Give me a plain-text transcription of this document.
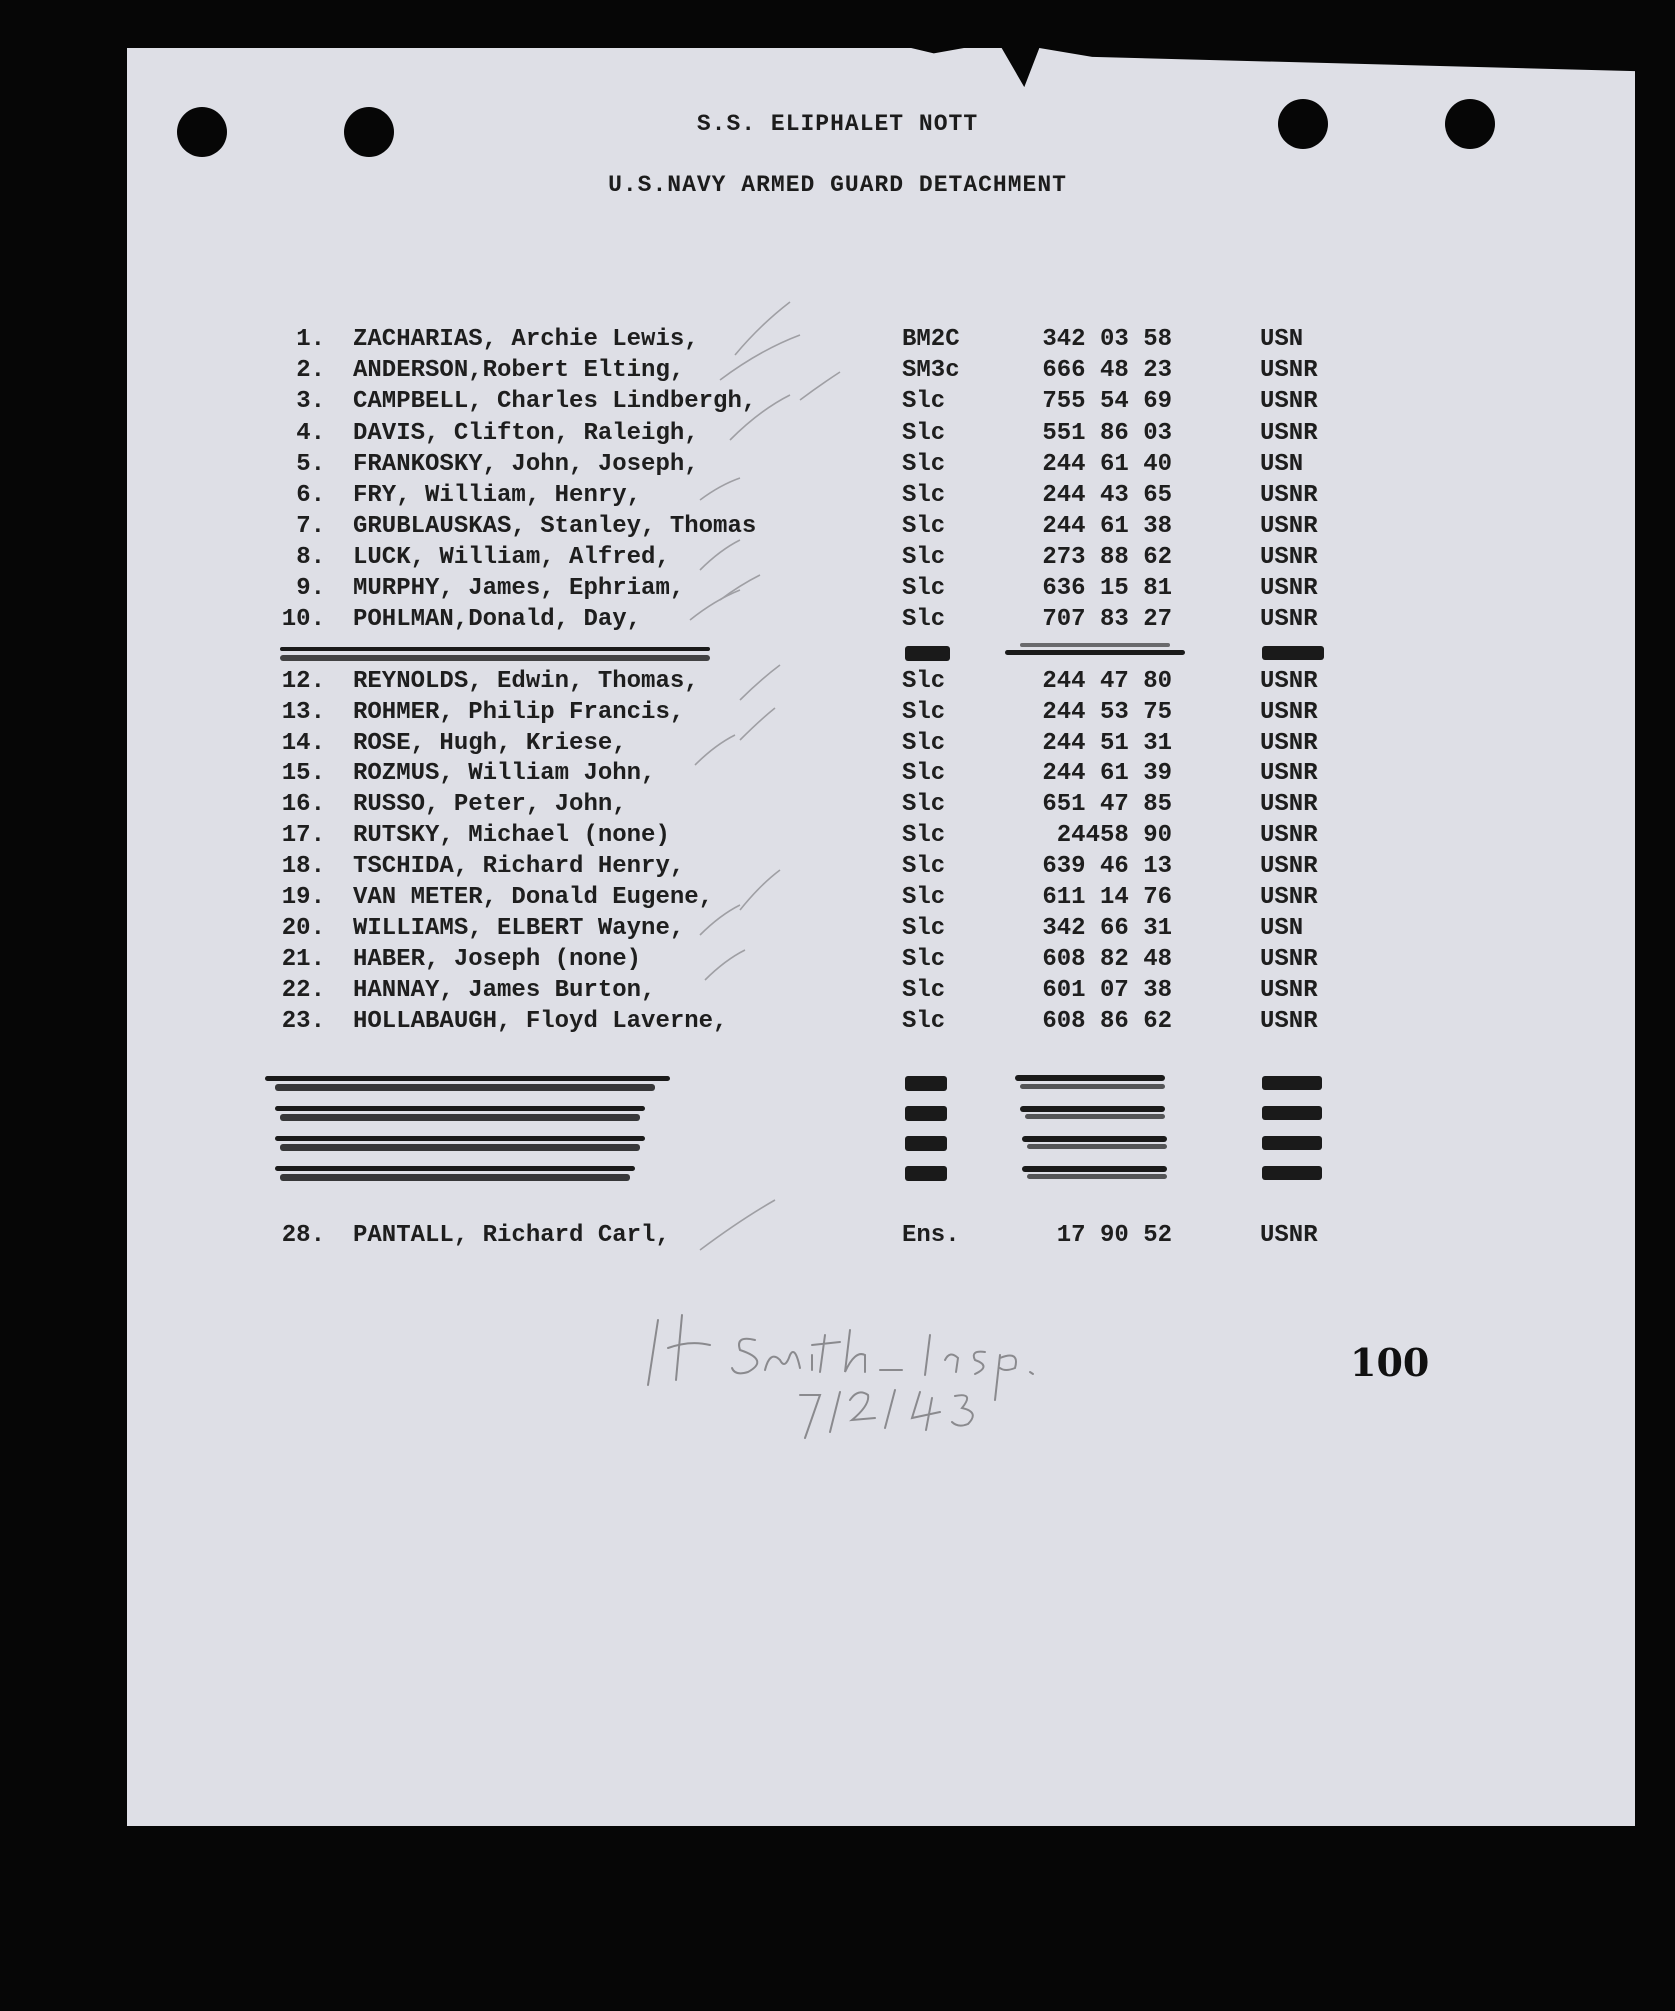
S.S. ELIPHALET NOTT
U.S.NAVY ARMED GUARD DETACHMENT
1. ZACHARIAS, Archie Lewis,	BM2C	342 03 58	USN
2. ANDERSON,Robert Elting,	SM3c	666 48 23	USNR
3. CAMPBELL, Charles Lindbergh,	Slc	755 54 69	USNR
4. DAVIS, Clifton, Raleigh,	Slc	551 86 03	USNR
5. FRANKOSKY, John, Joseph,	Slc	244 61 40	USN
6. FRY, William, Henry,	Slc	244 43 65	USNR
7. GRUBLAUSKAS, Stanley, Thomas	Slc	244 61 38	USNR
8. LUCK, William, Alfred,	Slc	273 88 62	USNR
9. MURPHY, James, Ephriam,	Slc	636 15 81	USNR
10. POHLMAN,Donald, Day,	Slc	707 83 27	USNR
12. REYNOLDS, Edwin, Thomas,	Slc	244 47 80	USNR
13. ROHMER, Philip Francis,	Slc	244 53 75	USNR
14. ROSE, Hugh, Kriese,	Slc	244 51 31	USNR
15. ROZMUS, William John,	Slc	244 61 39	USNR
16. RUSSO, Peter, John,	Slc	651 47 85	USNR
17. RUTSKY, Michael (none)	Slc	24458 90	USNR
18. TSCHIDA, Richard Henry,	Slc	639 46 13	USNR
19. VAN METER, Donald Eugene,	Slc	611 14 76	USNR
20. WILLIAMS, ELBERT Wayne,	Slc	342 66 31	USN
21. HABER, Joseph (none)	Slc	608 82 48	USNR
22. HANNAY, James Burton,	Slc	601 07 38	USNR
23. HOLLABAUGH, Floyd Laverne,	Slc	608 86 62	USNR
28. PANTALL, Richard Carl,	Ens.	17 90 52	USNR
100
